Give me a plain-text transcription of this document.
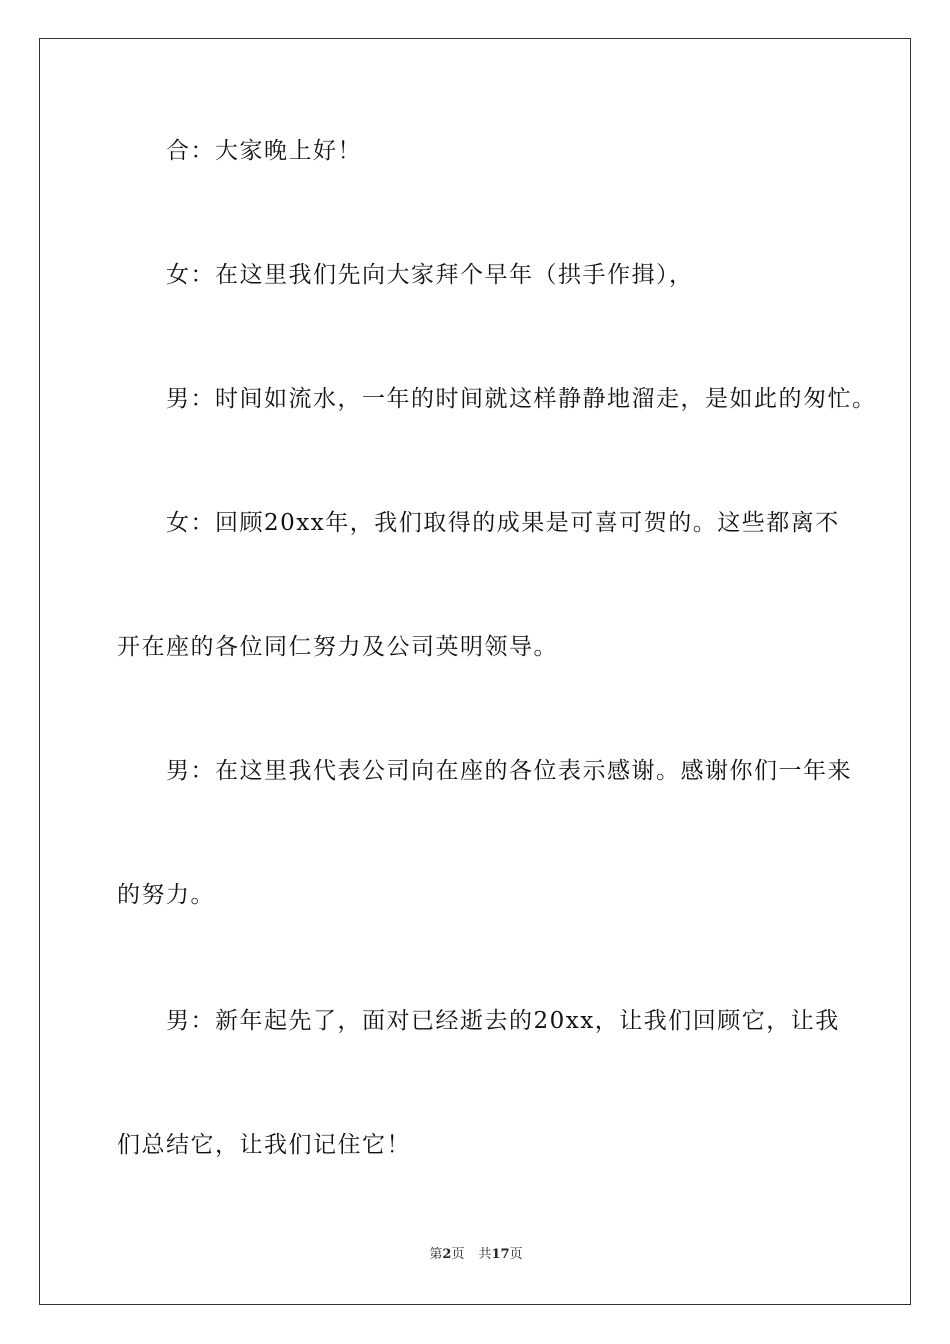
合：大家晚上好！
女：在这里我们先向大家拜个早年（拱手作揖），
男：时间如流水，一年的时间就这样静静地溜走，是如此的匆忙。
女：回顾20xx年，我们取得的成果是可喜可贺的。这些都离不
开在座的各位同仁努力及公司英明领导。
男：在这里我代表公司向在座的各位表示感谢。感谢你们一年来
的努力。
男：新年起先了，面对已经逝去的20xx，让我们回顾它，让我
们总结它，让我们记住它！
第2页 共17页
